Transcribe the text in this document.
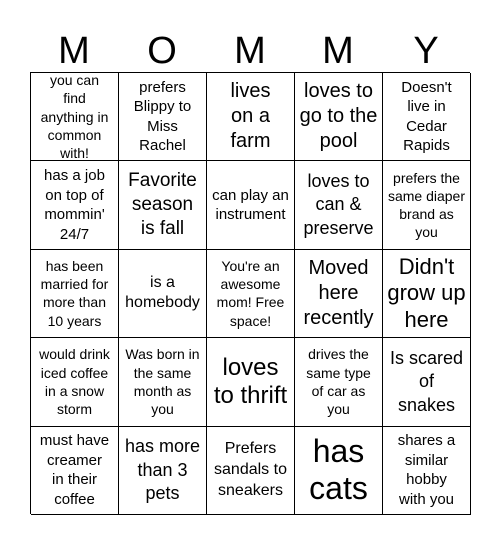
M	O	M	M	Y
you can find anything in common with!
prefers Blippy to Miss Rachel
lives on a farm
loves to go to the pool
Doesn't live in Cedar Rapids
has a job on top of mommin' 24/7
Favorite season is fall
can play an instrument
loves to can & preserve
prefers the same diaper brand as you
has been married for more than 10 years
is a homebody
You're an awesome mom! Free space!
Moved here recently
Didn't grow up here
would drink iced coffee in a snow storm
Was born in the same month as you
loves to thrift
drives the same type of car as you
Is scared of snakes
must have creamer in their coffee
has more than 3 pets
Prefers sandals to sneakers
has cats
shares a similar hobby with you
